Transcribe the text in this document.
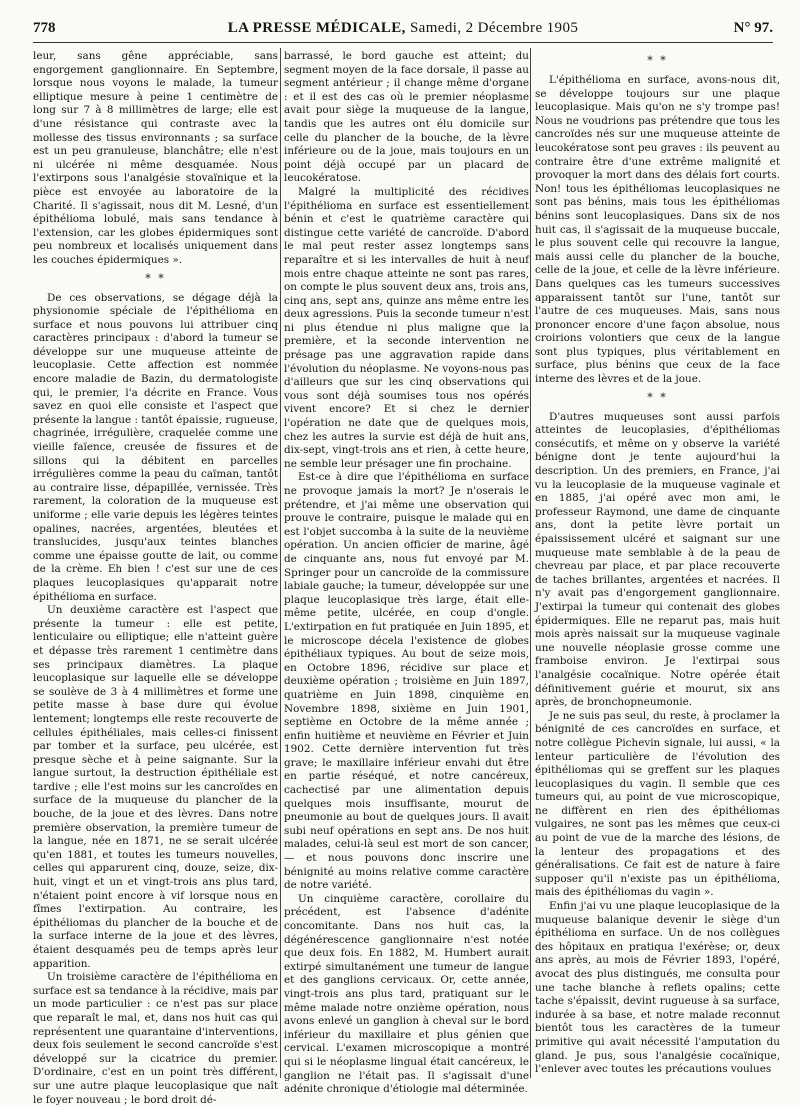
778	LA PRESSE MÉDICALE, Samedi, 2 Décembre 1905	N° 97.

leur, sans gêne appréciable, sans engorgement ganglionnaire. En Septembre, lorsque nous voyons le malade, la tumeur elliptique mesure à peine 1 centimètre de long sur 7 à 8 millimètres de large; elle est d'une résistance qui contraste avec la mollesse des tissus environnants ; sa surface est un peu granuleuse, blanchâtre; elle n'est ni ulcérée ni même desquamée. Nous l'extirpons sous l'analgésie stovaïnique et la pièce est envoyée au laboratoire de la Charité. Il s'agissait, nous dit M. Lesné, d'un épithélioma lobulé, mais sans tendance à l'extension, car les globes épidermiques sont peu nombreux et localisés uniquement dans les couches épidermiques ».

* *

De ces observations, se dégage déjà la physionomie spéciale de l'épithélioma en surface et nous pouvons lui attribuer cinq caractères principaux : d'abord la tumeur se développe sur une muqueuse atteinte de leucoplasie. Cette affection est nommée encore maladie de Bazin, du dermatologiste qui, le premier, l'a décrite en France. Vous savez en quoi elle consiste et l'aspect que présente la langue : tantôt épaissie, rugueuse, chagrinée, irrégulière, craquelée comme une vieille faïence, creusée de fissures et de sillons qui la débitent en parcelles irrégulières comme la peau du caïman, tantôt au contraire lisse, dépapillée, vernissée. Très rarement, la coloration de la muqueuse est uniforme ; elle varie depuis les légères teintes opalines, nacrées, argentées, bleutées et translucides, jusqu'aux teintes blanches comme une épaisse goutte de lait, ou comme de la crème. Eh bien ! c'est sur une de ces plaques leucoplasiques qu'apparait notre épithélioma en surface.

Un deuxième caractère est l'aspect que présente la tumeur : elle est petite, lenticulaire ou elliptique; elle n'atteint guère et dépasse très rarement 1 centimètre dans ses principaux diamètres. La plaque leucoplasique sur laquelle elle se développe se soulève de 3 à 4 millimètres et forme une petite masse à base dure qui évolue lentement; longtemps elle reste recouverte de cellules épithéliales, mais celles-ci finissent par tomber et la surface, peu ulcérée, est presque sèche et à peine saignante. Sur la langue surtout, la destruction épithéliale est tardive ; elle l'est moins sur les cancroïdes en surface de la muqueuse du plancher de la bouche, de la joue et des lèvres. Dans notre première observation, la première tumeur de la langue, née en 1871, ne se serait ulcérée qu'en 1881, et toutes les tumeurs nouvelles, celles qui apparurent cinq, douze, seize, dix-huit, vingt et un et vingt-trois ans plus tard, n'étaient point encore à vif lorsque nous en fîmes l'extirpation. Au contraire, les épithéliomas du plancher de la bouche et de la surface interne de la joue et des lèvres, étaient desquamés peu de temps après leur apparition.

Un troisième caractère de l'épithélioma en surface est sa tendance à la récidive, mais par un mode particulier : ce n'est pas sur place que reparaît le mal, et, dans nos huit cas qui représentent une quarantaine d'interventions, deux fois seulement le second cancroïde s'est développé sur la cicatrice du premier. D'ordinaire, c'est en un point très différent, sur une autre plaque leucoplasique que naît le foyer nouveau ; le bord droit dé-

barrassé, le bord gauche est atteint; du segment moyen de la face dorsale, il passe au segment antérieur ; il change même d'organe : et il est des cas où le premier néoplasme avait pour siège la muqueuse de la langue, tandis que les autres ont élu domicile sur celle du plancher de la bouche, de la lèvre inférieure ou de la joue, mais toujours en un point déjà occupé par un placard de leucokératose.

Malgré la multiplicité des récidives l'épithélioma en surface est essentiellement bénin et c'est le quatrième caractère qui distingue cette variété de cancroïde. D'abord le mal peut rester assez longtemps sans reparaître et si les intervalles de huit à neuf mois entre chaque atteinte ne sont pas rares, on compte le plus souvent deux ans, trois ans, cinq ans, sept ans, quinze ans même entre les deux agressions. Puis la seconde tumeur n'est ni plus étendue ni plus maligne que la première, et la seconde intervention ne présage pas une aggravation rapide dans l'évolution du néoplasme. Ne voyons-nous pas d'ailleurs que sur les cinq observations qui vous sont déjà soumises tous nos opérés vivent encore? Et si chez le dernier l'opération ne date que de quelques mois, chez les autres la survie est déjà de huit ans, dix-sept, vingt-trois ans et rien, à cette heure, ne semble leur présager une fin prochaine.

Est-ce à dire que l'épithélioma en surface ne provoque jamais la mort? Je n'oserais le prétendre, et j'ai même une observation qui prouve le contraire, puisque le malade qui en est l'objet succomba à la suite de la neuvième opération. Un ancien officier de marine, âgé de cinquante ans, nous fut envoyé par M. Springer pour un cancroïde de la commissure labiale gauche; la tumeur, développée sur une plaque leucoplasique très large, était elle-même petite, ulcérée, en coup d'ongle. L'extirpation en fut pratiquée en Juin 1895, et le microscope décela l'existence de globes épithéliaux typiques. Au bout de seize mois, en Octobre 1896, récidive sur place et deuxième opération ; troisième en Juin 1897, quatrième en Juin 1898, cinquième en Novembre 1898, sixième en Juin 1901, septième en Octobre de la même année ; enfin huitième et neuvième en Février et Juin 1902. Cette dernière intervention fut très grave; le maxillaire inférieur envahi dut être en partie réséqué, et notre cancéreux, cachectisé par une alimentation depuis quelques mois insuffisante, mourut de pneumonie au bout de quelques jours. Il avait subi neuf opérations en sept ans. De nos huit malades, celui-là seul est mort de son cancer, — et nous pouvons donc inscrire une bénignité au moins relative comme caractère de notre variété.

Un cinquième caractère, corollaire du précédent, est l'absence d'adénite concomitante. Dans nos huit cas, la dégénérescence ganglionnaire n'est notée que deux fois. En 1882, M. Humbert aurait extirpé simultanément une tumeur de langue et des ganglions cervicaux. Or, cette année, vingt-trois ans plus tard, pratiquant sur le même malade notre onzième opération, nous avons enlevé un ganglion à cheval sur le bord inférieur du maxillaire et plus génien que cervical. L'examen microscopique a montré qui si le néoplasme lingual était cancéreux, le ganglion ne l'était pas. Il s'agissait d'une adénite chronique d'étiologie mal déterminée.

* *

L'épithélioma en surface, avons-nous dit, se développe toujours sur une plaque leucoplasique. Mais qu'on ne s'y trompe pas! Nous ne voudrions pas prétendre que tous les cancroïdes nés sur une muqueuse atteinte de leucokératose sont peu graves : ils peuvent au contraire être d'une extrême malignité et provoquer la mort dans des délais fort courts. Non! tous les épithéliomas leucoplasiques ne sont pas bénins, mais tous les épithéliomas bénins sont leucoplasiques. Dans six de nos huit cas, il s'agissait de la muqueuse buccale, le plus souvent celle qui recouvre la langue, mais aussi celle du plancher de la bouche, celle de la joue, et celle de la lèvre inférieure. Dans quelques cas les tumeurs successives apparaissent tantôt sur l'une, tantôt sur l'autre de ces muqueuses. Mais, sans nous prononcer encore d'une façon absolue, nous croirions volontiers que ceux de la langue sont plus typiques, plus véritablement en surface, plus bénins que ceux de la face interne des lèvres et de la joue.

* *

D'autres muqueuses sont aussi parfois atteintes de leucoplasies, d'épithéliomas consécutifs, et même on y observe la variété bénigne dont je tente aujourd'hui la description. Un des premiers, en France, j'ai vu la leucoplasie de la muqueuse vaginale et en 1885, j'ai opéré avec mon ami, le professeur Raymond, une dame de cinquante ans, dont la petite lèvre portait un épaississement ulcéré et saignant sur une muqueuse mate semblable à de la peau de chevreau par place, et par place recouverte de taches brillantes, argentées et nacrées. Il n'y avait pas d'engorgement ganglionnaire. J'extirpai la tumeur qui contenait des globes épidermiques. Elle ne reparut pas, mais huit mois après naissait sur la muqueuse vaginale une nouvelle néoplasie grosse comme une framboise environ. Je l'extirpai sous l'analgésie cocaïnique. Notre opérée était définitivement guérie et mourut, six ans après, de bronchopneumonie.

Je ne suis pas seul, du reste, à proclamer la bénignité de ces cancroïdes en surface, et notre collègue Pichevin signale, lui aussi, « la lenteur particulière de l'évolution des épithéliomas qui se greffent sur les plaques leucoplasiques du vagin. Il semble que ces tumeurs qui, au point de vue microscopique, ne diffèrent en rien des épithéliomas vulgaires, ne sont pas les mêmes que ceux-ci au point de vue de la marche des lésions, de la lenteur des propagations et des généralisations. Ce fait est de nature à faire supposer qu'il n'existe pas un épithélioma, mais des épithéliomas du vagin ».

Enfin j'ai vu une plaque leucoplasique de la muqueuse balanique devenir le siège d'un épithélioma en surface. Un de nos collègues des hôpitaux en pratiqua l'exérèse; or, deux ans après, au mois de Février 1893, l'opéré, avocat des plus distingués, me consulta pour une tache blanche à reflets opalins; cette tache s'épaissit, devint rugueuse à sa surface, indurée à sa base, et notre malade reconnut bientôt tous les caractères de la tumeur primitive qui avait nécessité l'amputation du gland. Je pus, sous l'analgésie cocaïnique, l'enlever avec toutes les précautions voulues
